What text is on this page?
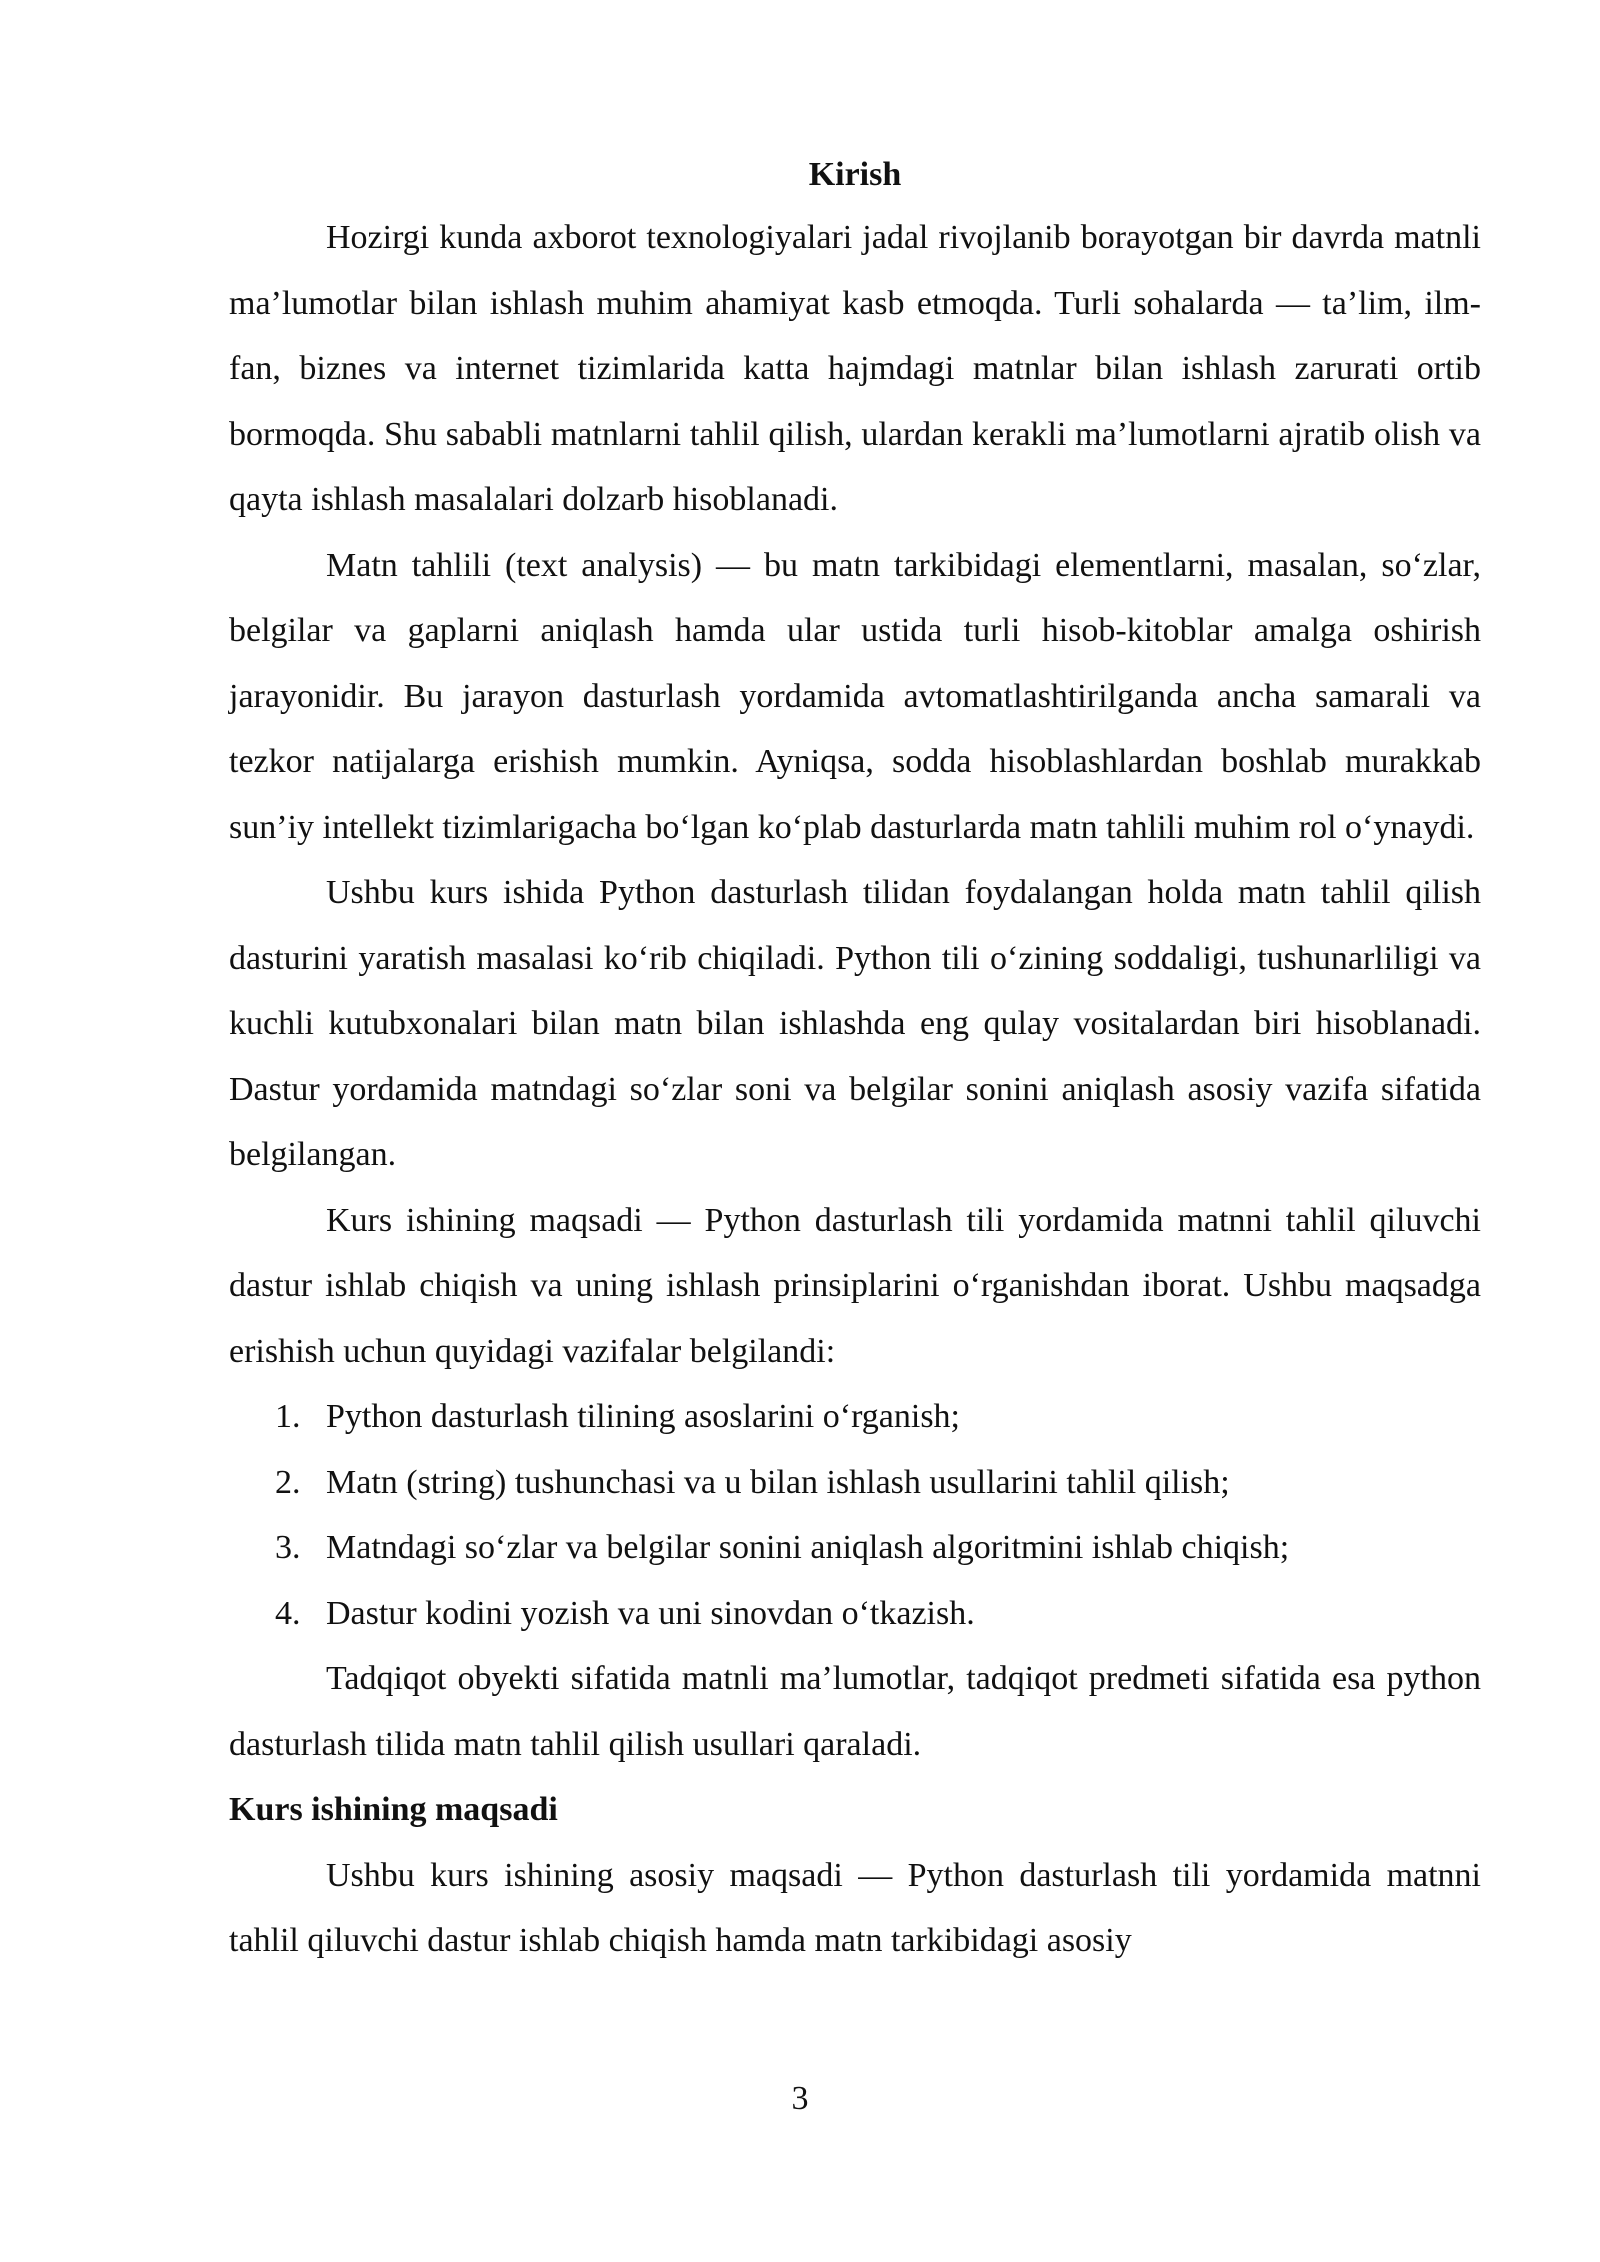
Kirish

Hozirgi kunda axborot texnologiyalari jadal rivojlanib borayotgan bir davrda matnli ma’lumotlar bilan ishlash muhim ahamiyat kasb etmoqda. Turli sohalarda — ta’lim, ilm-fan, biznes va internet tizimlarida katta hajmdagi matnlar bilan ishlash zarurati ortib bormoqda. Shu sababli matnlarni tahlil qilish, ulardan kerakli ma’lumotlarni ajratib olish va qayta ishlash masalalari dolzarb hisoblanadi.

Matn tahlili (text analysis) — bu matn tarkibidagi elementlarni, masalan, so‘zlar, belgilar va gaplarni aniqlash hamda ular ustida turli hisob-kitoblar amalga oshirish jarayonidir. Bu jarayon dasturlash yordamida avtomatlashtirilganda ancha samarali va tezkor natijalarga erishish mumkin. Ayniqsa, sodda hisoblashlardan boshlab murakkab sun’iy intellekt tizimlarigacha bo‘lgan ko‘plab dasturlarda matn tahlili muhim rol o‘ynaydi.

Ushbu kurs ishida Python dasturlash tilidan foydalangan holda matn tahlil qilish dasturini yaratish masalasi ko‘rib chiqiladi. Python tili o‘zining soddaligi, tushunarliligi va kuchli kutubxonalari bilan matn bilan ishlashda eng qulay vositalardan biri hisoblanadi. Dastur yordamida matndagi so‘zlar soni va belgilar sonini aniqlash asosiy vazifa sifatida belgilangan.

Kurs ishining maqsadi — Python dasturlash tili yordamida matnni tahlil qiluvchi dastur ishlab chiqish va uning ishlash prinsiplarini o‘rganishdan iborat. Ushbu maqsadga erishish uchun quyidagi vazifalar belgilandi:

1. Python dasturlash tilining asoslarini o‘rganish;
2. Matn (string) tushunchasi va u bilan ishlash usullarini tahlil qilish;
3. Matndagi so‘zlar va belgilar sonini aniqlash algoritmini ishlab chiqish;
4. Dastur kodini yozish va uni sinovdan o‘tkazish.

Tadqiqot obyekti sifatida matnli ma’lumotlar, tadqiqot predmeti sifatida esa python dasturlash tilida matn tahlil qilish usullari qaraladi.

Kurs ishining maqsadi

Ushbu kurs ishining asosiy maqsadi — Python dasturlash tili yordamida matnni tahlil qiluvchi dastur ishlab chiqish hamda matn tarkibidagi asosiy

3
